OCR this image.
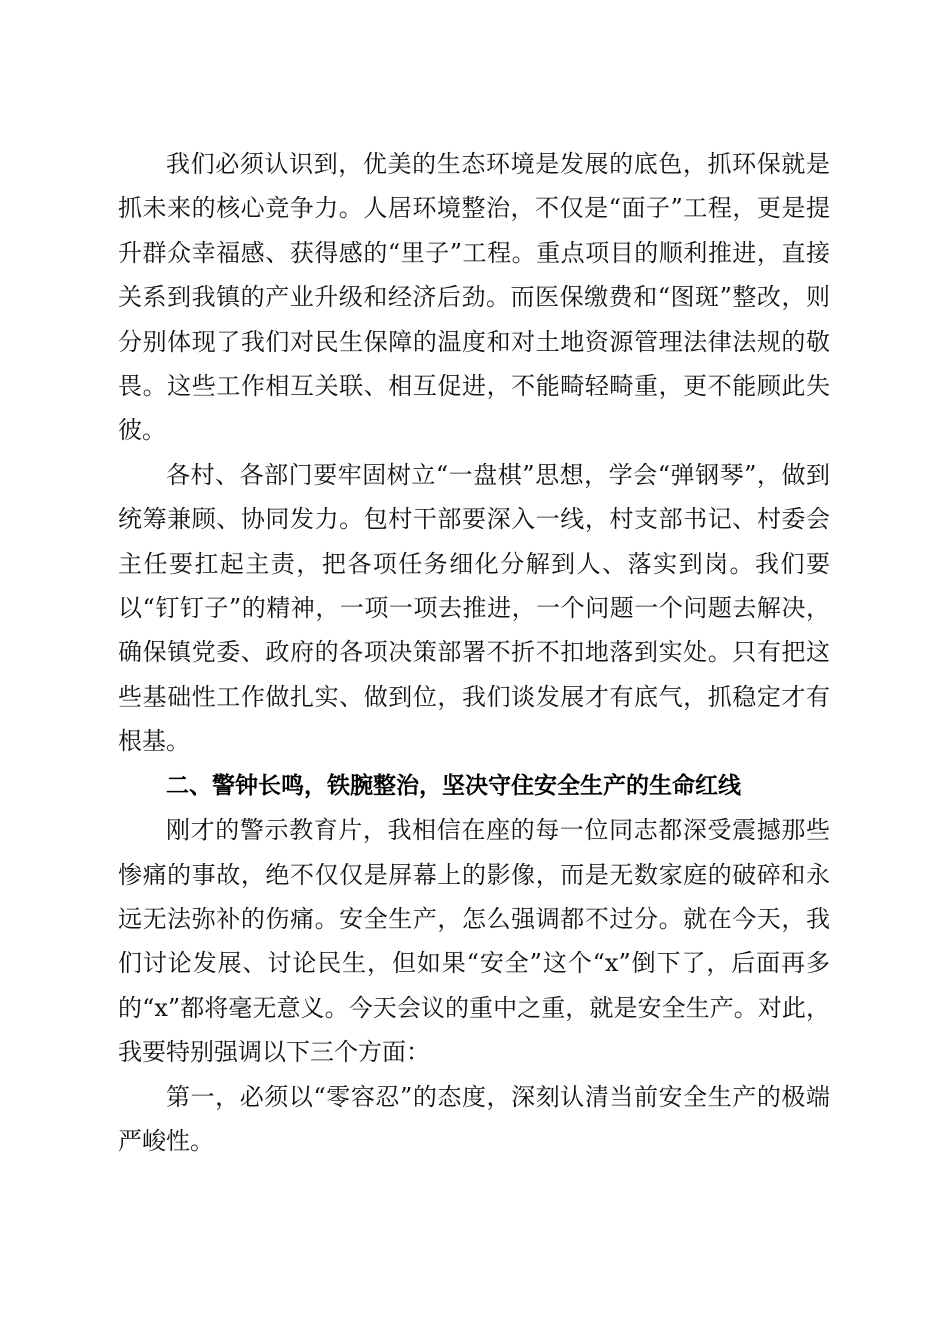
我们必须认识到，优美的生态环境是发展的底色，抓环保就是抓未来的核心竞争力。人居环境整治，不仅是“面子”工程，更是提升群众幸福感、获得感的“里子”工程。重点项目的顺利推进，直接关系到我镇的产业升级和经济后劲。而医保缴费和“图斑”整改，则分别体现了我们对民生保障的温度和对土地资源管理法律法规的敬畏。这些工作相互关联、相互促进，不能畸轻畸重，更不能顾此失彼。

各村、各部门要牢固树立“一盘棋”思想，学会“弹钢琴”，做到统筹兼顾、协同发力。包村干部要深入一线，村支部书记、村委会主任要扛起主责，把各项任务细化分解到人、落实到岗。我们要以“钉钉子”的精神，一项一项去推进，一个问题一个问题去解决，确保镇党委、政府的各项决策部署不折不扣地落到实处。只有把这些基础性工作做扎实、做到位，我们谈发展才有底气，抓稳定才有根基。

二、警钟长鸣，铁腕整治，坚决守住安全生产的生命红线

刚才的警示教育片，我相信在座的每一位同志都深受震撼那些惨痛的事故，绝不仅仅是屏幕上的影像，而是无数家庭的破碎和永远无法弥补的伤痛。安全生产，怎么强调都不过分。就在今天，我们讨论发展、讨论民生，但如果“安全”这个“x”倒下了，后面再多的“x”都将毫无意义。今天会议的重中之重，就是安全生产。对此，我要特别强调以下三个方面：

第一，必须以“零容忍”的态度，深刻认清当前安全生产的极端严峻性。
